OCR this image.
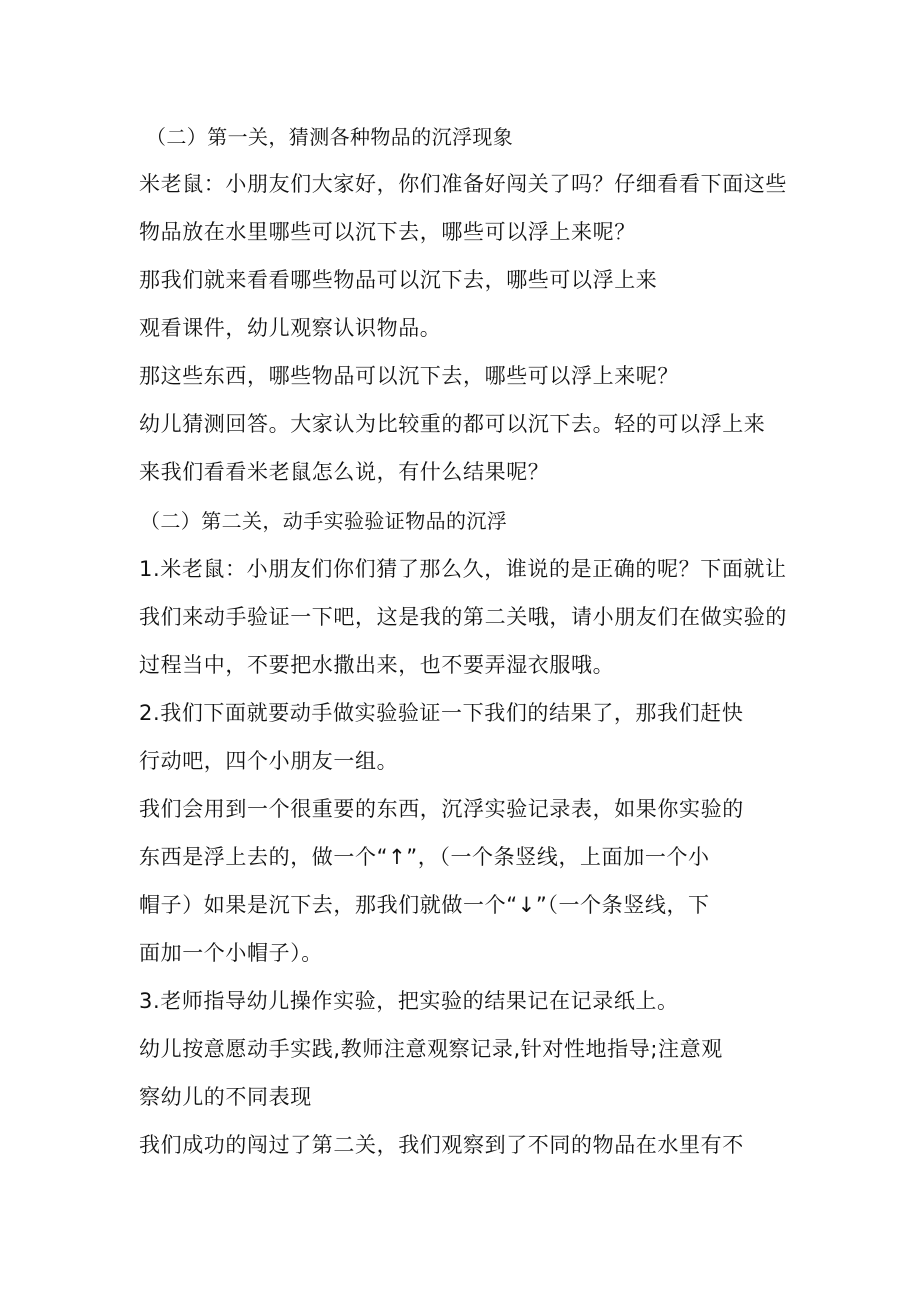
（二）第一关，猜测各种物品的沉浮现象
米老鼠：小朋友们大家好，你们准备好闯关了吗？仔细看看下面这些
物品放在水里哪些可以沉下去，哪些可以浮上来呢？
那我们就来看看哪些物品可以沉下去，哪些可以浮上来
观看课件，幼儿观察认识物品。
那这些东西，哪些物品可以沉下去，哪些可以浮上来呢？
幼儿猜测回答。大家认为比较重的都可以沉下去。轻的可以浮上来
来我们看看米老鼠怎么说，有什么结果呢？
（二）第二关，动手实验验证物品的沉浮
1.米老鼠：小朋友们你们猜了那么久，谁说的是正确的呢？下面就让
我们来动手验证一下吧，这是我的第二关哦，请小朋友们在做实验的
过程当中，不要把水撒出来，也不要弄湿衣服哦。
2.我们下面就要动手做实验验证一下我们的结果了，那我们赶快
行动吧，四个小朋友一组。
我们会用到一个很重要的东西，沉浮实验记录表，如果你实验的
东西是浮上去的，做一个“↑”，（一个条竖线，上面加一个小
帽子）如果是沉下去，那我们就做一个“↓”（一个条竖线，下
面加一个小帽子）。
3.老师指导幼儿操作实验，把实验的结果记在记录纸上。
幼儿按意愿动手实践,教师注意观察记录,针对性地指导;注意观
察幼儿的不同表现
我们成功的闯过了第二关，我们观察到了不同的物品在水里有不
